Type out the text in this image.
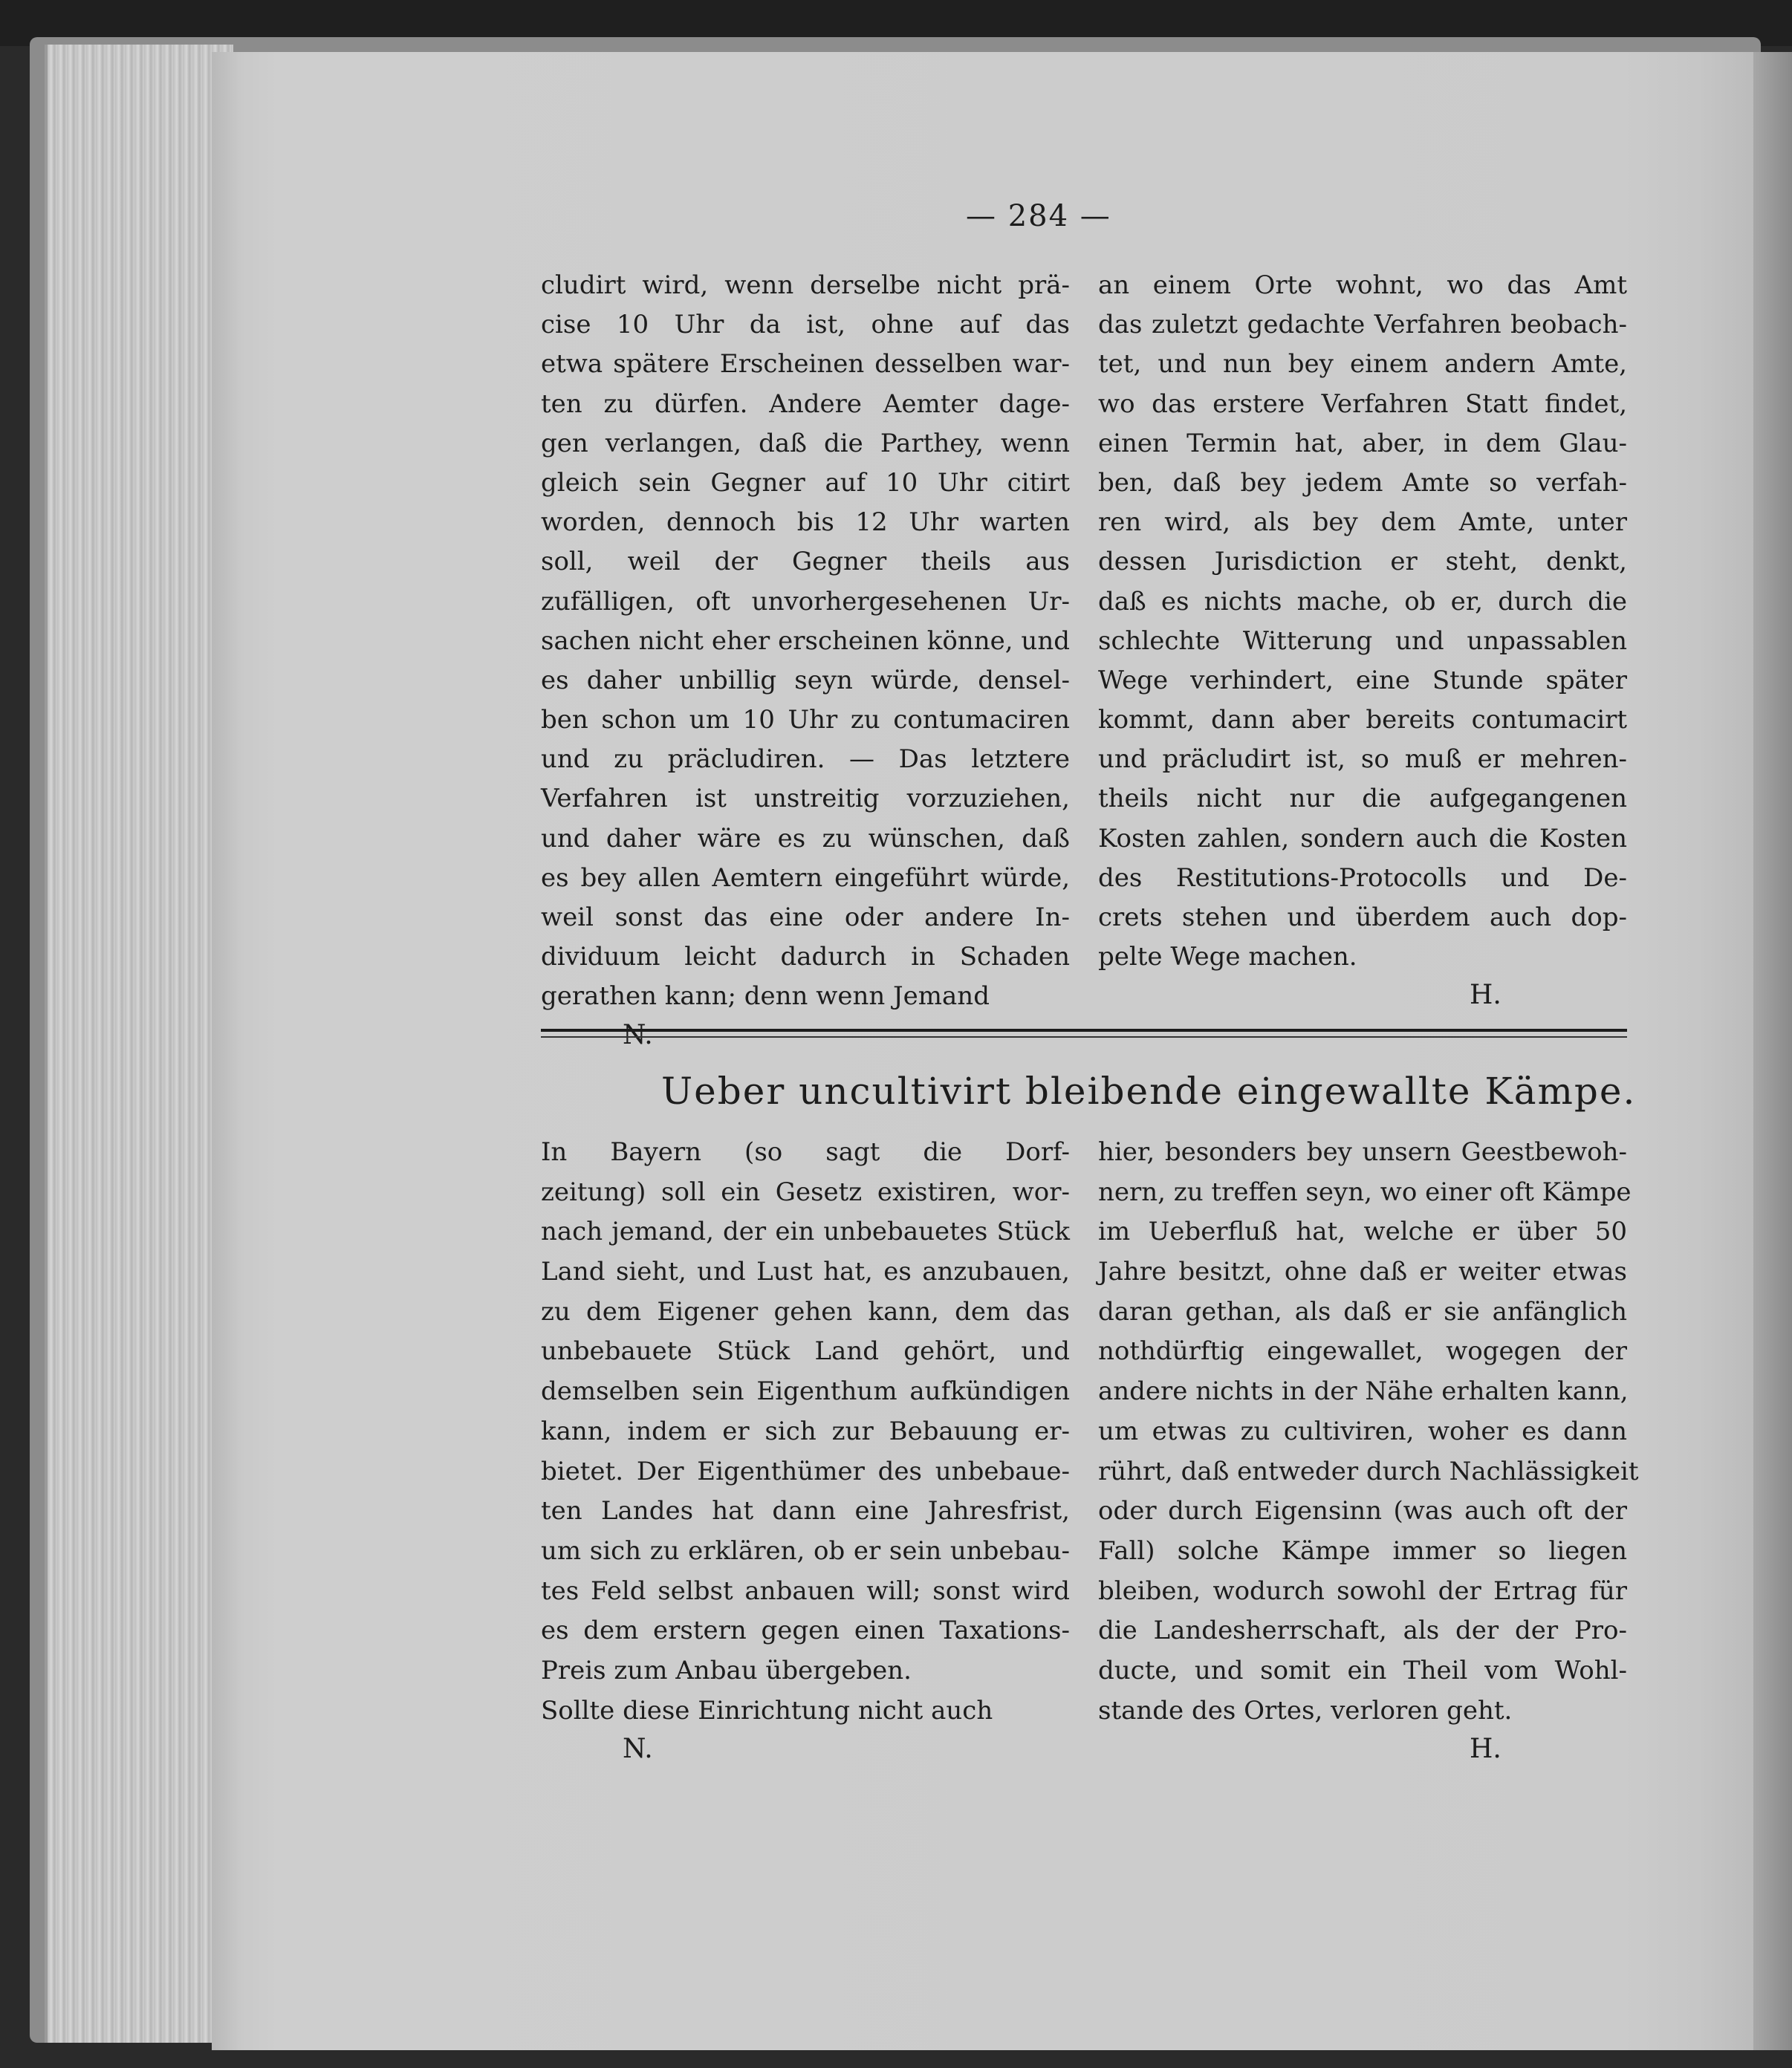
— 284 —
cludirt wird, wenn derselbe nicht prä-
cise 10 Uhr da ist, ohne auf das
etwa spätere Erscheinen desselben war-
ten zu dürfen. Andere Aemter dage-
gen verlangen, daß die Parthey, wenn
gleich sein Gegner auf 10 Uhr citirt
worden, dennoch bis 12 Uhr warten
soll, weil der Gegner theils aus
zufälligen, oft unvorhergesehenen Ur-
sachen nicht eher erscheinen könne, und
es daher unbillig seyn würde, densel-
ben schon um 10 Uhr zu contumaciren
und zu präcludiren. — Das letztere
Verfahren ist unstreitig vorzuziehen,
und daher wäre es zu wünschen, daß
es bey allen Aemtern eingeführt würde,
weil sonst das eine oder andere In-
dividuum leicht dadurch in Schaden
gerathen kann; denn wenn Jemand
N.
an einem Orte wohnt, wo das Amt
das zuletzt gedachte Verfahren beobach-
tet, und nun bey einem andern Amte,
wo das erstere Verfahren Statt findet,
einen Termin hat, aber, in dem Glau-
ben, daß bey jedem Amte so verfah-
ren wird, als bey dem Amte, unter
dessen Jurisdiction er steht, denkt,
daß es nichts mache, ob er, durch die
schlechte Witterung und unpassablen
Wege verhindert, eine Stunde später
kommt, dann aber bereits contumacirt
und präcludirt ist, so muß er mehren-
theils nicht nur die aufgegangenen
Kosten zahlen, sondern auch die Kosten
des Restitutions-Protocolls und De-
crets stehen und überdem auch dop-
pelte Wege machen.
H.
Ueber uncultivirt bleibende eingewallte Kämpe.
In Bayern (so sagt die Dorf-
zeitung) soll ein Gesetz existiren, wor-
nach jemand, der ein unbebauetes Stück
Land sieht, und Lust hat, es anzubauen,
zu dem Eigener gehen kann, dem das
unbebauete Stück Land gehört, und
demselben sein Eigenthum aufkündigen
kann, indem er sich zur Bebauung er-
bietet. Der Eigenthümer des unbebaue-
ten Landes hat dann eine Jahresfrist,
um sich zu erklären, ob er sein unbebau-
tes Feld selbst anbauen will; sonst wird
es dem erstern gegen einen Taxations-
Preis zum Anbau übergeben.
Sollte diese Einrichtung nicht auch
N.
hier, besonders bey unsern Geestbewoh-
nern, zu treffen seyn, wo einer oft Kämpe
im Ueberfluß hat, welche er über 50
Jahre besitzt, ohne daß er weiter etwas
daran gethan, als daß er sie anfänglich
nothdürftig eingewallet, wogegen der
andere nichts in der Nähe erhalten kann,
um etwas zu cultiviren, woher es dann
rührt, daß entweder durch Nachlässigkeit
oder durch Eigensinn (was auch oft der
Fall) solche Kämpe immer so liegen
bleiben, wodurch sowohl der Ertrag für
die Landesherrschaft, als der der Pro-
ducte, und somit ein Theil vom Wohl-
stande des Ortes, verloren geht.
H.
